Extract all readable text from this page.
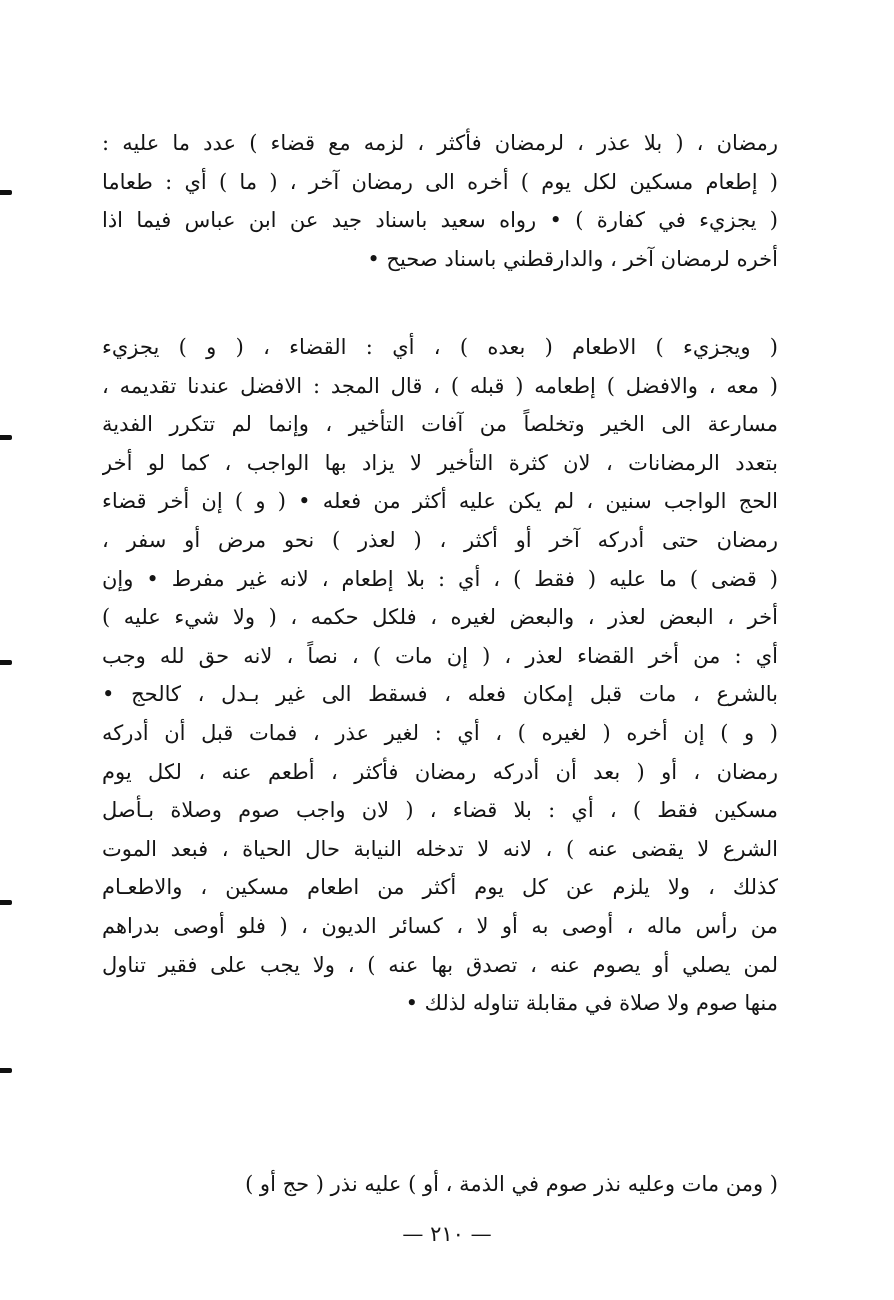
رمضان ، ( بلا عذر ، لرمضان فأكثر ، لزمه مع قضاء ) عدد ما عليه :
( إطعام مسكين لكل يوم ) أخره الى رمضان آخر ، ( ما ) أي : طعاما
( يجزيء في كفارة ) • رواه سعيد باسناد جيد عن ابن عباس فيما اذا
أخره لرمضان آخر ، والدارقطني باسناد صحيح •
( ويجزيء ) الاطعام ( بعده ) ، أي : القضاء ، ( و ) يجزيء
( معه ، والافضل ) إطعامه ( قبله ) ، قال المجد : الافضل عندنا تقديمه ،
مسارعة الى الخير وتخلصاً من آفات التأخير ، وإنما لم تتكرر الفدية
بتعدد الرمضانات ، لان كثرة التأخير لا يزاد بها الواجب ، كما لو أخر
الحج الواجب سنين ، لم يكن عليه أكثر من فعله • ( و ) إن أخر قضاء
رمضان حتى أدركه آخر أو أكثر ، ( لعذر ) نحو مرض أو سفر ،
( قضى ) ما عليه ( فقط ) ، أي : بلا إطعام ، لانه غير مفرط • وإن
أخر ، البعض لعذر ، والبعض لغيره ، فلكل حكمه ، ( ولا شيء عليه )
أي : من أخر القضاء لعذر ، ( إن مات ) ، نصاً ، لانه حق لله وجب
بالشرع ، مات قبل إمكان فعله ، فسقط الى غير بـدل ، كالحج •
( و ) إن أخره ( لغيره ) ، أي : لغير عذر ، فمات قبل أن أدركه
رمضان ، أو ( بعد أن أدركه رمضان فأكثر ، أطعم عنه ، لكل يوم
مسكين فقط ) ، أي : بلا قضاء ، ( لان واجب صوم وصلاة بـأصل
الشرع لا يقضى عنه ) ، لانه لا تدخله النيابة حال الحياة ، فبعد الموت
كذلك ، ولا يلزم عن كل يوم أكثر من اطعام مسكين ، والاطعـام
من رأس ماله ، أوصى به أو لا ، كسائر الديون ، ( فلو أوصى بدراهم
لمن يصلي أو يصوم عنه ، تصدق بها عنه ) ، ولا يجب على فقير تناول
منها صوم ولا صلاة في مقابلة تناوله لذلك •
( ومن مات وعليه نذر صوم في الذمة ، أو ) عليه نذر ( حج أو )
— ٢١٠ —
